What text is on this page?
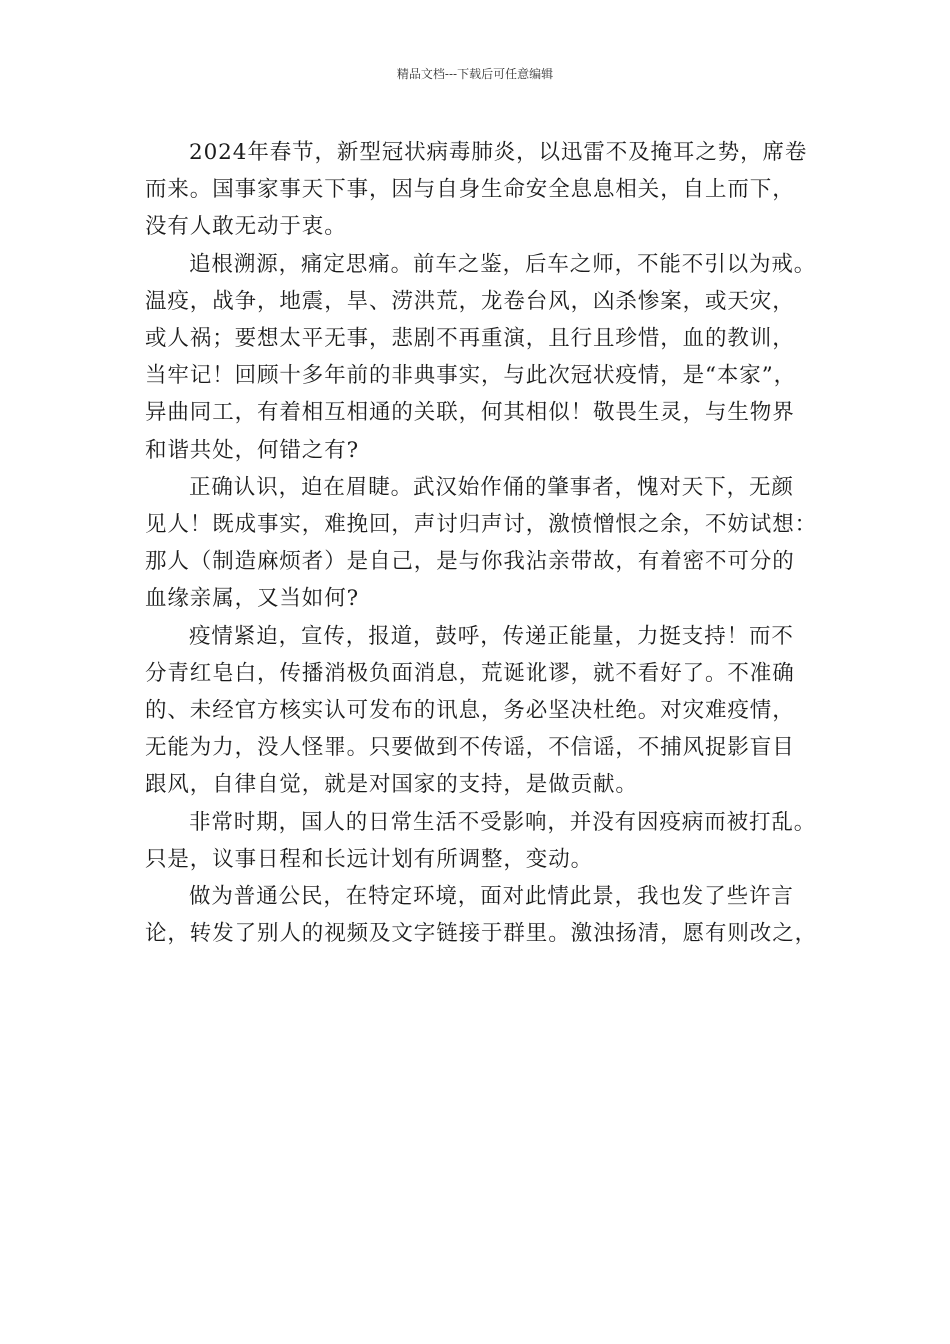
精品文档---下载后可任意编辑
2024年春节，新型冠状病毒肺炎，以迅雷不及掩耳之势，席卷
而来。国事家事天下事，因与自身生命安全息息相关，自上而下，
没有人敢无动于衷。
追根溯源，痛定思痛。前车之鉴，后车之师，不能不引以为戒。
温疫，战争，地震，旱、涝洪荒，龙卷台风，凶杀惨案，或天灾，
或人祸；要想太平无事，悲剧不再重演，且行且珍惜，血的教训，
当牢记！回顾十多年前的非典事实，与此次冠状疫情，是“本家”，
异曲同工，有着相互相通的关联，何其相似！敬畏生灵，与生物界
和谐共处，何错之有?
正确认识，迫在眉睫。武汉始作俑的肇事者，愧对天下，无颜
见人！既成事实，难挽回，声讨归声讨，激愤憎恨之余，不妨试想：
那人（制造麻烦者）是自己，是与你我沾亲带故，有着密不可分的
血缘亲属，又当如何?
疫情紧迫，宣传，报道，鼓呼，传递正能量，力挺支持！而不
分青红皂白，传播消极负面消息，荒诞讹谬，就不看好了。不准确
的、未经官方核实认可发布的讯息，务必坚决杜绝。对灾难疫情，
无能为力，没人怪罪。只要做到不传谣，不信谣，不捕风捉影盲目
跟风，自律自觉，就是对国家的支持，是做贡献。
非常时期，国人的日常生活不受影响，并没有因疫病而被打乱。
只是，议事日程和长远计划有所调整，变动。
做为普通公民，在特定环境，面对此情此景，我也发了些许言
论，转发了别人的视频及文字链接于群里。激浊扬清，愿有则改之，
